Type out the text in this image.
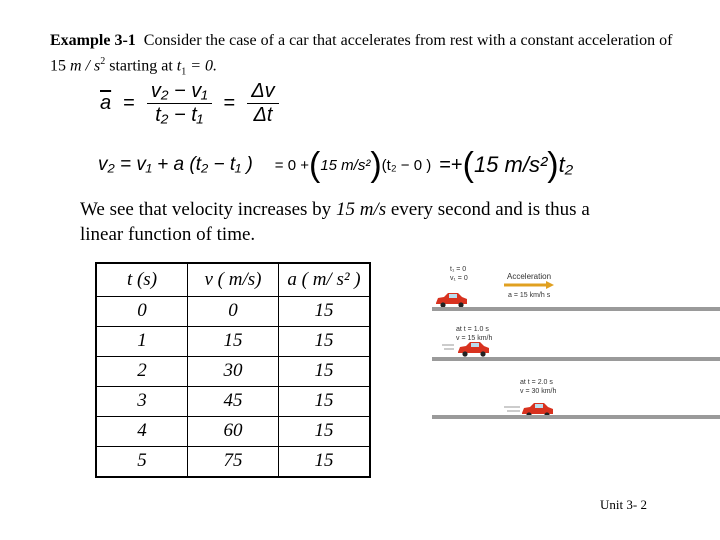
Example 3-1 Consider the case of a car that accelerates from rest with a constant acceleration of 15 m / $s^2$ starting at $t_1 = 0$.
$\overline{a} = \frac{\text{v₂ − v₁}}{\text{t₂ − t₁}} = \frac{\Delta v}{\Delta t}$
v₂ = v₁ + a (t₂ − t₁ ) = 0 + ( 15 m/s² ) (t₂ − 0 ) =+ ( 15 m/s² ) t₂
We see that velocity increases by 15 m/s every second and is thus a linear function of time.
t (s)	v ( m/s)	a ( m/ s² )
0	0	15
1	15	15
2	30	15
3	45	15
4	60	15
5	75	15
t₁ = 0
v₁ = 0	Acceleration
a = 15 km/h s
at t = 1.0 s
v = 15 km/h
at t = 2.0 s
v = 30 km/h
Unit 3- 2
